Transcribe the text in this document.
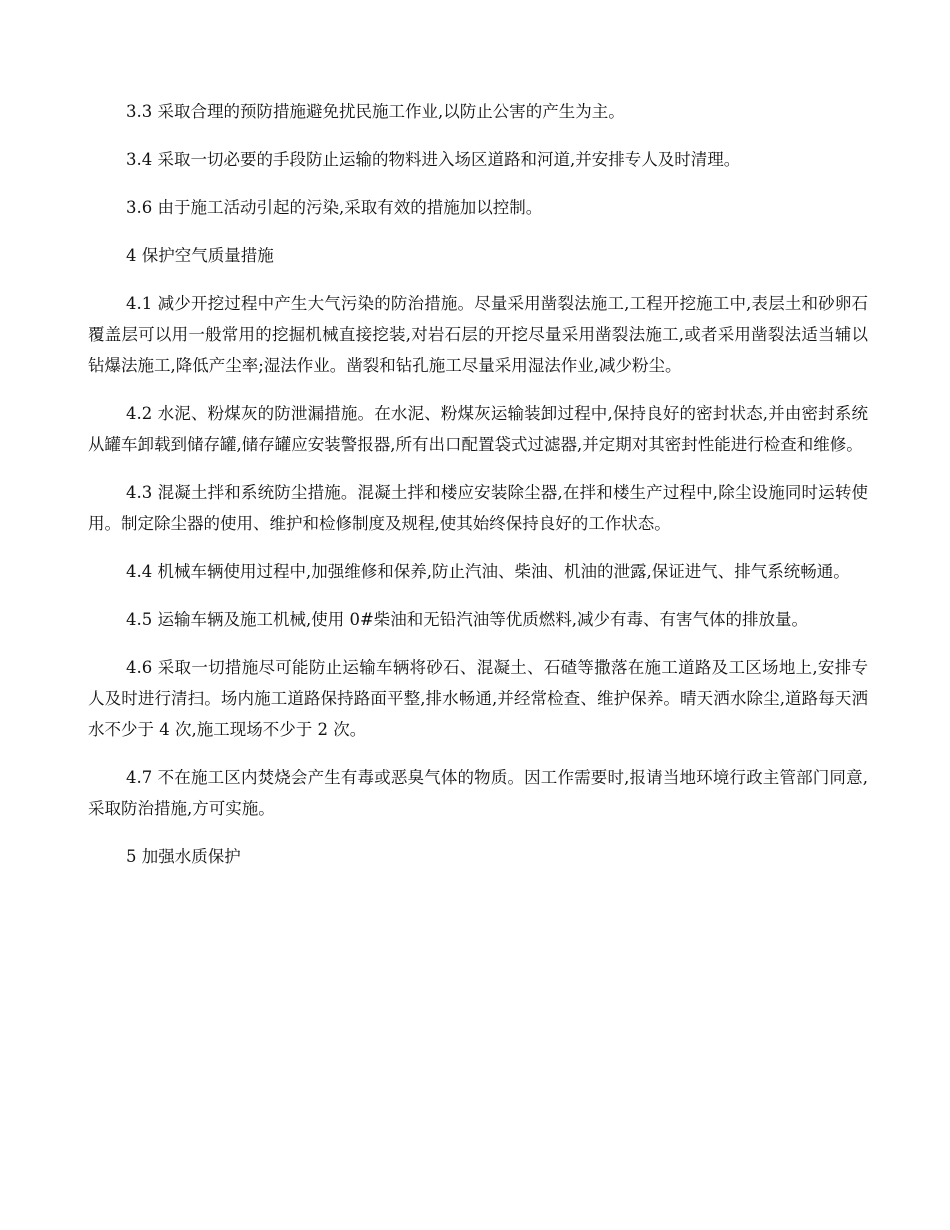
3.3 采取合理的预防措施避免扰民施工作业,以防止公害的产生为主。

3.4 采取一切必要的手段防止运输的物料进入场区道路和河道,并安排专人及时清理。

3.6 由于施工活动引起的污染,采取有效的措施加以控制。

4 保护空气质量措施

4.1 减少开挖过程中产生大气污染的防治措施。尽量采用凿裂法施工,工程开挖施工中,表层土和砂卵石覆盖层可以用一般常用的挖掘机械直接挖装,对岩石层的开挖尽量采用凿裂法施工,或者采用凿裂法适当辅以钻爆法施工,降低产尘率;湿法作业。凿裂和钻孔施工尽量采用湿法作业,减少粉尘。

4.2 水泥、粉煤灰的防泄漏措施。在水泥、粉煤灰运输装卸过程中,保持良好的密封状态,并由密封系统从罐车卸载到储存罐,储存罐应安装警报器,所有出口配置袋式过滤器,并定期对其密封性能进行检查和维修。

4.3 混凝土拌和系统防尘措施。混凝土拌和楼应安装除尘器,在拌和楼生产过程中,除尘设施同时运转使用。制定除尘器的使用、维护和检修制度及规程,使其始终保持良好的工作状态。

4.4 机械车辆使用过程中,加强维修和保养,防止汽油、柴油、机油的泄露,保证进气、排气系统畅通。

4.5 运输车辆及施工机械,使用 0#柴油和无铅汽油等优质燃料,减少有毒、有害气体的排放量。

4.6 采取一切措施尽可能防止运输车辆将砂石、混凝土、石碴等撒落在施工道路及工区场地上,安排专人及时进行清扫。场内施工道路保持路面平整,排水畅通,并经常检查、维护保养。晴天洒水除尘,道路每天洒水不少于 4 次,施工现场不少于 2 次。

4.7 不在施工区内焚烧会产生有毒或恶臭气体的物质。因工作需要时,报请当地环境行政主管部门同意,采取防治措施,方可实施。

5 加强水质保护
